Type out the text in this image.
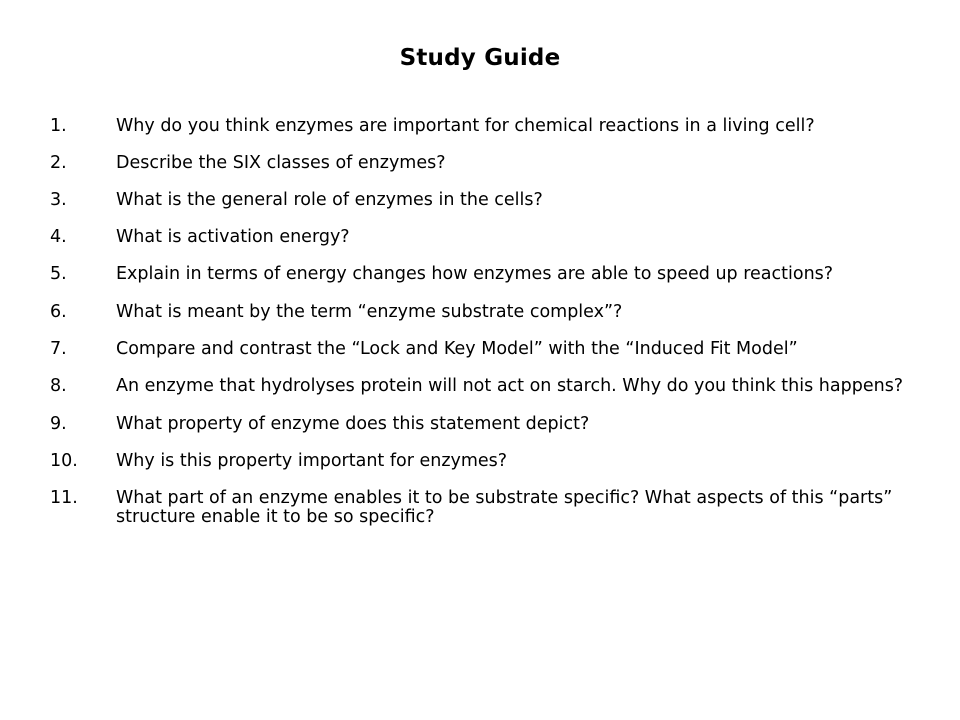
Study Guide
1.	Why do you think enzymes are important for chemical reactions in a living cell?
2.	Describe the SIX classes of enzymes?
3.	What is the general role of enzymes in the cells?
4.	What is activation energy?
5.	Explain in terms of energy changes how enzymes are able to speed up reactions?
6.	What is meant by the term “enzyme substrate complex”?
7.	Compare and contrast the “Lock and Key Model” with the “Induced Fit Model”
8.	An enzyme that hydrolyses protein will not act on starch. Why do you think this happens?
9.	What property of enzyme does this statement depict?
10.	Why is this property important for enzymes?
11.	What part of an enzyme enables it to be substrate specific? What aspects of this “parts” structure enable it to be so specific?
